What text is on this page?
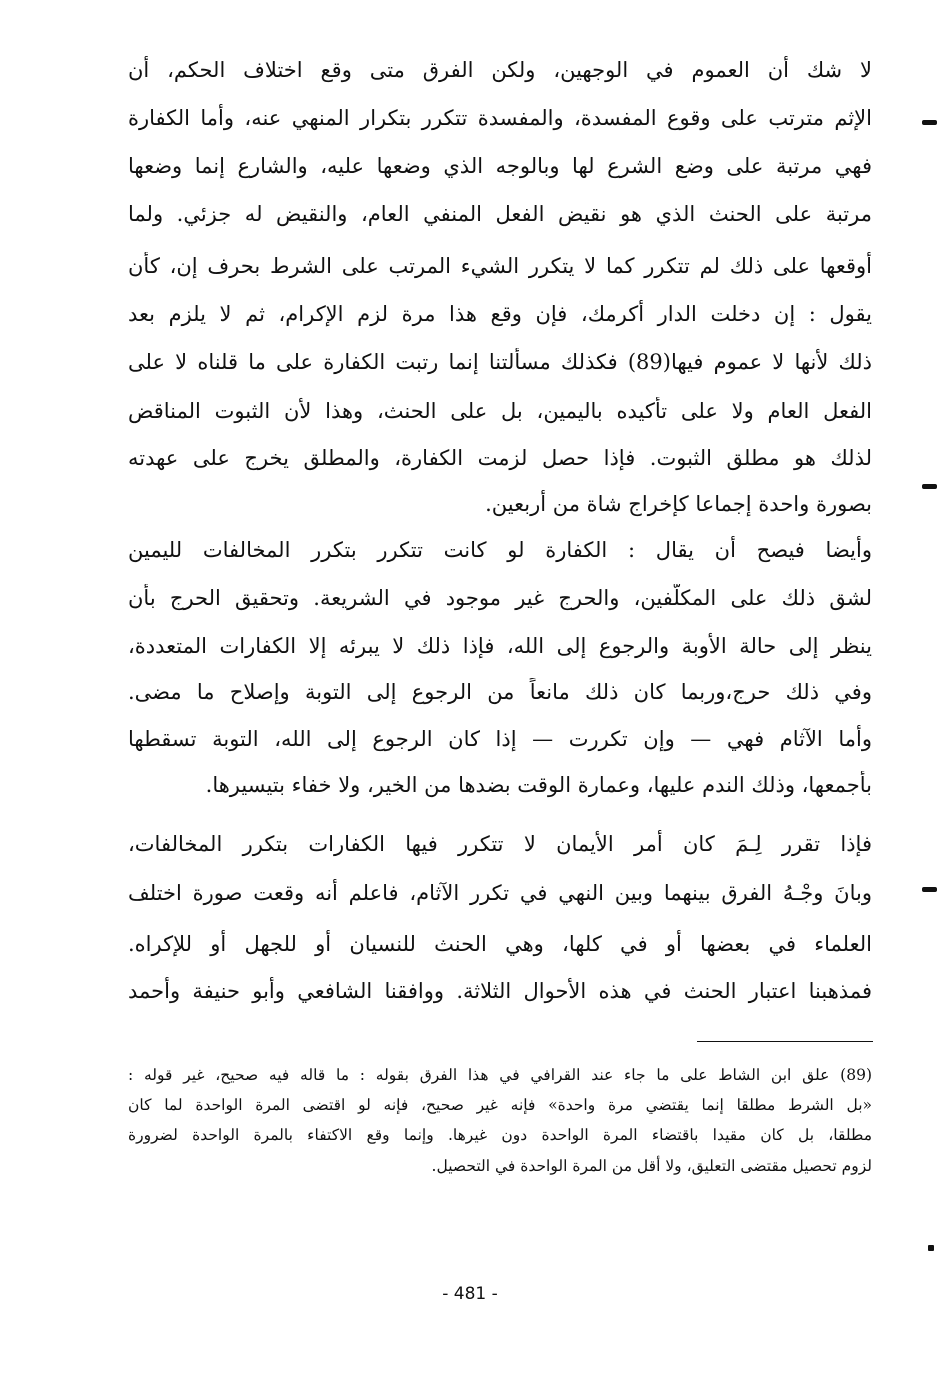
لا شك أن العموم في الوجهين، ولكن الفرق متى وقع اختلاف الحكم، أن
الإثم مترتب على وقوع المفسدة، والمفسدة تتكرر بتكرار المنهي عنه، وأما الكفارة
فهي مرتبة على وضع الشرع لها وبالوجه الذي وضعها عليه، والشارع إنما وضعها
مرتبة على الحنث الذي هو نقيض الفعل المنفي العام، والنقيض له جزئي. ولما
أوقعها على ذلك لم تتكرر كما لا يتكرر الشيء المرتب على الشرط بحرف إن، كأن
يقول : إن دخلت الدار أكرمك، فإن وقع هذا مرة لزم الإكرام، ثم لا يلزم بعد
ذلك لأنها لا عموم فيها(89) فكذلك مسألتنا إنما رتبت الكفارة على ما قلناه لا على
الفعل العام ولا على تأكيده باليمين، بل على الحنث، وهذا لأن الثبوت المناقض
لذلك هو مطلق الثبوت. فإذا حصل لزمت الكفارة، والمطلق يخرج على عهدته
بصورة واحدة إجماعا كإخراج شاة من أربعين.
وأيضا فيصح أن يقال : الكفارة لو كانت تتكرر بتكرر المخالفات لليمين
لشق ذلك على المكلَّفين، والحرج غير موجود في الشريعة. وتحقيق الحرج بأن
ينظر إلى حالة الأوبة والرجوع إلى الله، فإذا ذلك لا يبرئه إلا الكفارات المتعددة،
وفي ذلك حرج،وربما كان ذلك مانعاً من الرجوع إلى التوبة وإصلاح ما مضى.
وأما الآثام فهي — وإن تكررت — إذا كان الرجوع إلى الله، التوبة تسقطها
بأجمعها، وذلك الندم عليها، وعمارة الوقت بضدها من الخير، ولا خفاء بتيسيرها.
فإذا تقرر لِـمَ كان أمر الأيمان لا تتكرر فيها الكفارات بتكرر المخالفات،
وبانَ وجْـهُ الفرق بينهما وبين النهي في تكرر الآثام، فاعلم أنه وقعت صورة اختلف
العلماء في بعضها أو في كلها، وهي الحنث للنسيان أو للجهل أو للإكراه.
فمذهبنا اعتبار الحنث في هذه الأحوال الثلاثة. ووافقنا الشافعي وأبو حنيفة وأحمد
(89) علق ابن الشاط على ما جاء عند القرافي في هذا الفرق بقوله : ما قاله فيه صحيح، غير قوله :
«بل الشرط مطلقا إنما يقتضي مرة واحدة» فإنه غير صحيح، فإنه لو اقتضى المرة الواحدة لما كان
مطلقا، بل كان مقيدا باقتضاء المرة الواحدة دون غيرها. وإنما وقع الاكتفاء بالمرة الواحدة لضرورة
لزوم تحصيل مقتضى التعليق، ولا أقل من المرة الواحدة في التحصيل.
- 481 -
